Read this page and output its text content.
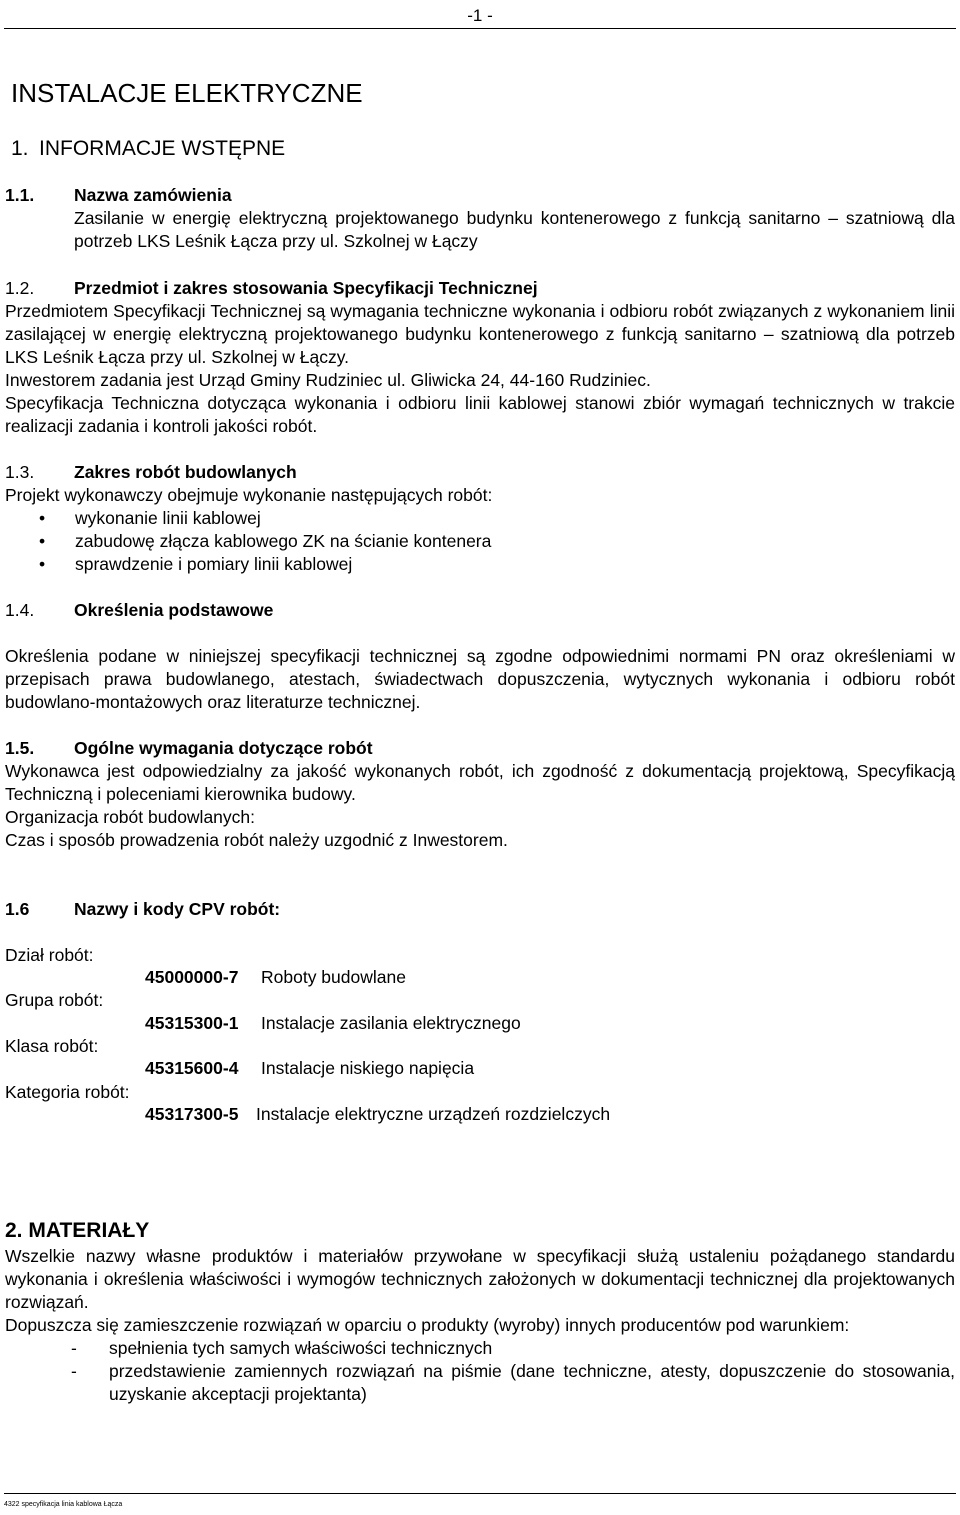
-1 -
INSTALACJE ELEKTRYCZNE
1. INFORMACJE WSTĘPNE
1.1. Nazwa zamówienia

Zasilanie w energię elektryczną projektowanego budynku kontenerowego z funkcją sanitarno – szatniową dla potrzeb LKS Leśnik Łącza przy ul. Szkolnej w Łączy

1.2. Przedmiot i zakres stosowania Specyfikacji Technicznej

Przedmiotem Specyfikacji Technicznej są wymagania techniczne wykonania i odbioru robót związanych z wykonaniem linii zasilającej w energię elektryczną projektowanego budynku kontenerowego z funkcją sanitarno – szatniową dla potrzeb LKS Leśnik Łącza przy ul. Szkolnej w Łączy.

Inwestorem zadania jest Urząd Gminy Rudziniec ul. Gliwicka 24, 44-160 Rudziniec.

Specyfikacja Techniczna dotycząca wykonania i odbioru linii kablowej stanowi zbiór wymagań technicznych w trakcie realizacji zadania i kontroli jakości robót.

1.3. Zakres robót budowlanych

Projekt wykonawczy obejmuje wykonanie następujących robót:

• wykonanie linii kablowej
• zabudowę złącza kablowego ZK na ścianie kontenera
• sprawdzenie i pomiary linii kablowej
1.4. Określenia podstawowe

Określenia podane w niniejszej specyfikacji technicznej są zgodne odpowiednimi normami PN oraz określeniami w przepisach prawa budowlanego, atestach, świadectwach dopuszczenia, wytycznych wykonania i odbioru robót budowlano-montażowych oraz literaturze technicznej.

1.5. Ogólne wymagania dotyczące robót

Wykonawca jest odpowiedzialny za jakość wykonanych robót, ich zgodność z dokumentacją projektową, Specyfikacją Techniczną i poleceniami kierownika budowy.

Organizacja robót budowlanych:

Czas i sposób prowadzenia robót należy uzgodnić z Inwestorem.

1.6	Nazwy i kody CPV robót:
Dział robót:
45000000-7 Roboty budowlane
Grupa robót:
45315300-1 Instalacje zasilania elektrycznego
Klasa robót:
45315600-4 Instalacje niskiego napięcia
Kategoria robót:
45317300-5 Instalacje elektryczne urządzeń rozdzielczych
2. MATERIAŁY

Wszelkie nazwy własne produktów i materiałów przywołane w specyfikacji służą ustaleniu pożądanego standardu wykonania i określenia właściwości i wymogów technicznych założonych w dokumentacji technicznej dla projektowanych rozwiązań.

Dopuszcza się zamieszczenie rozwiązań w oparciu o produkty (wyroby) innych producentów pod warunkiem:

- spełnienia tych samych właściwości technicznych
- przedstawienie zamiennych rozwiązań na piśmie (dane techniczne, atesty, dopuszczenie do stosowania, uzyskanie akceptacji projektanta)
4322 specyfikacja linia kablowa Łącza
